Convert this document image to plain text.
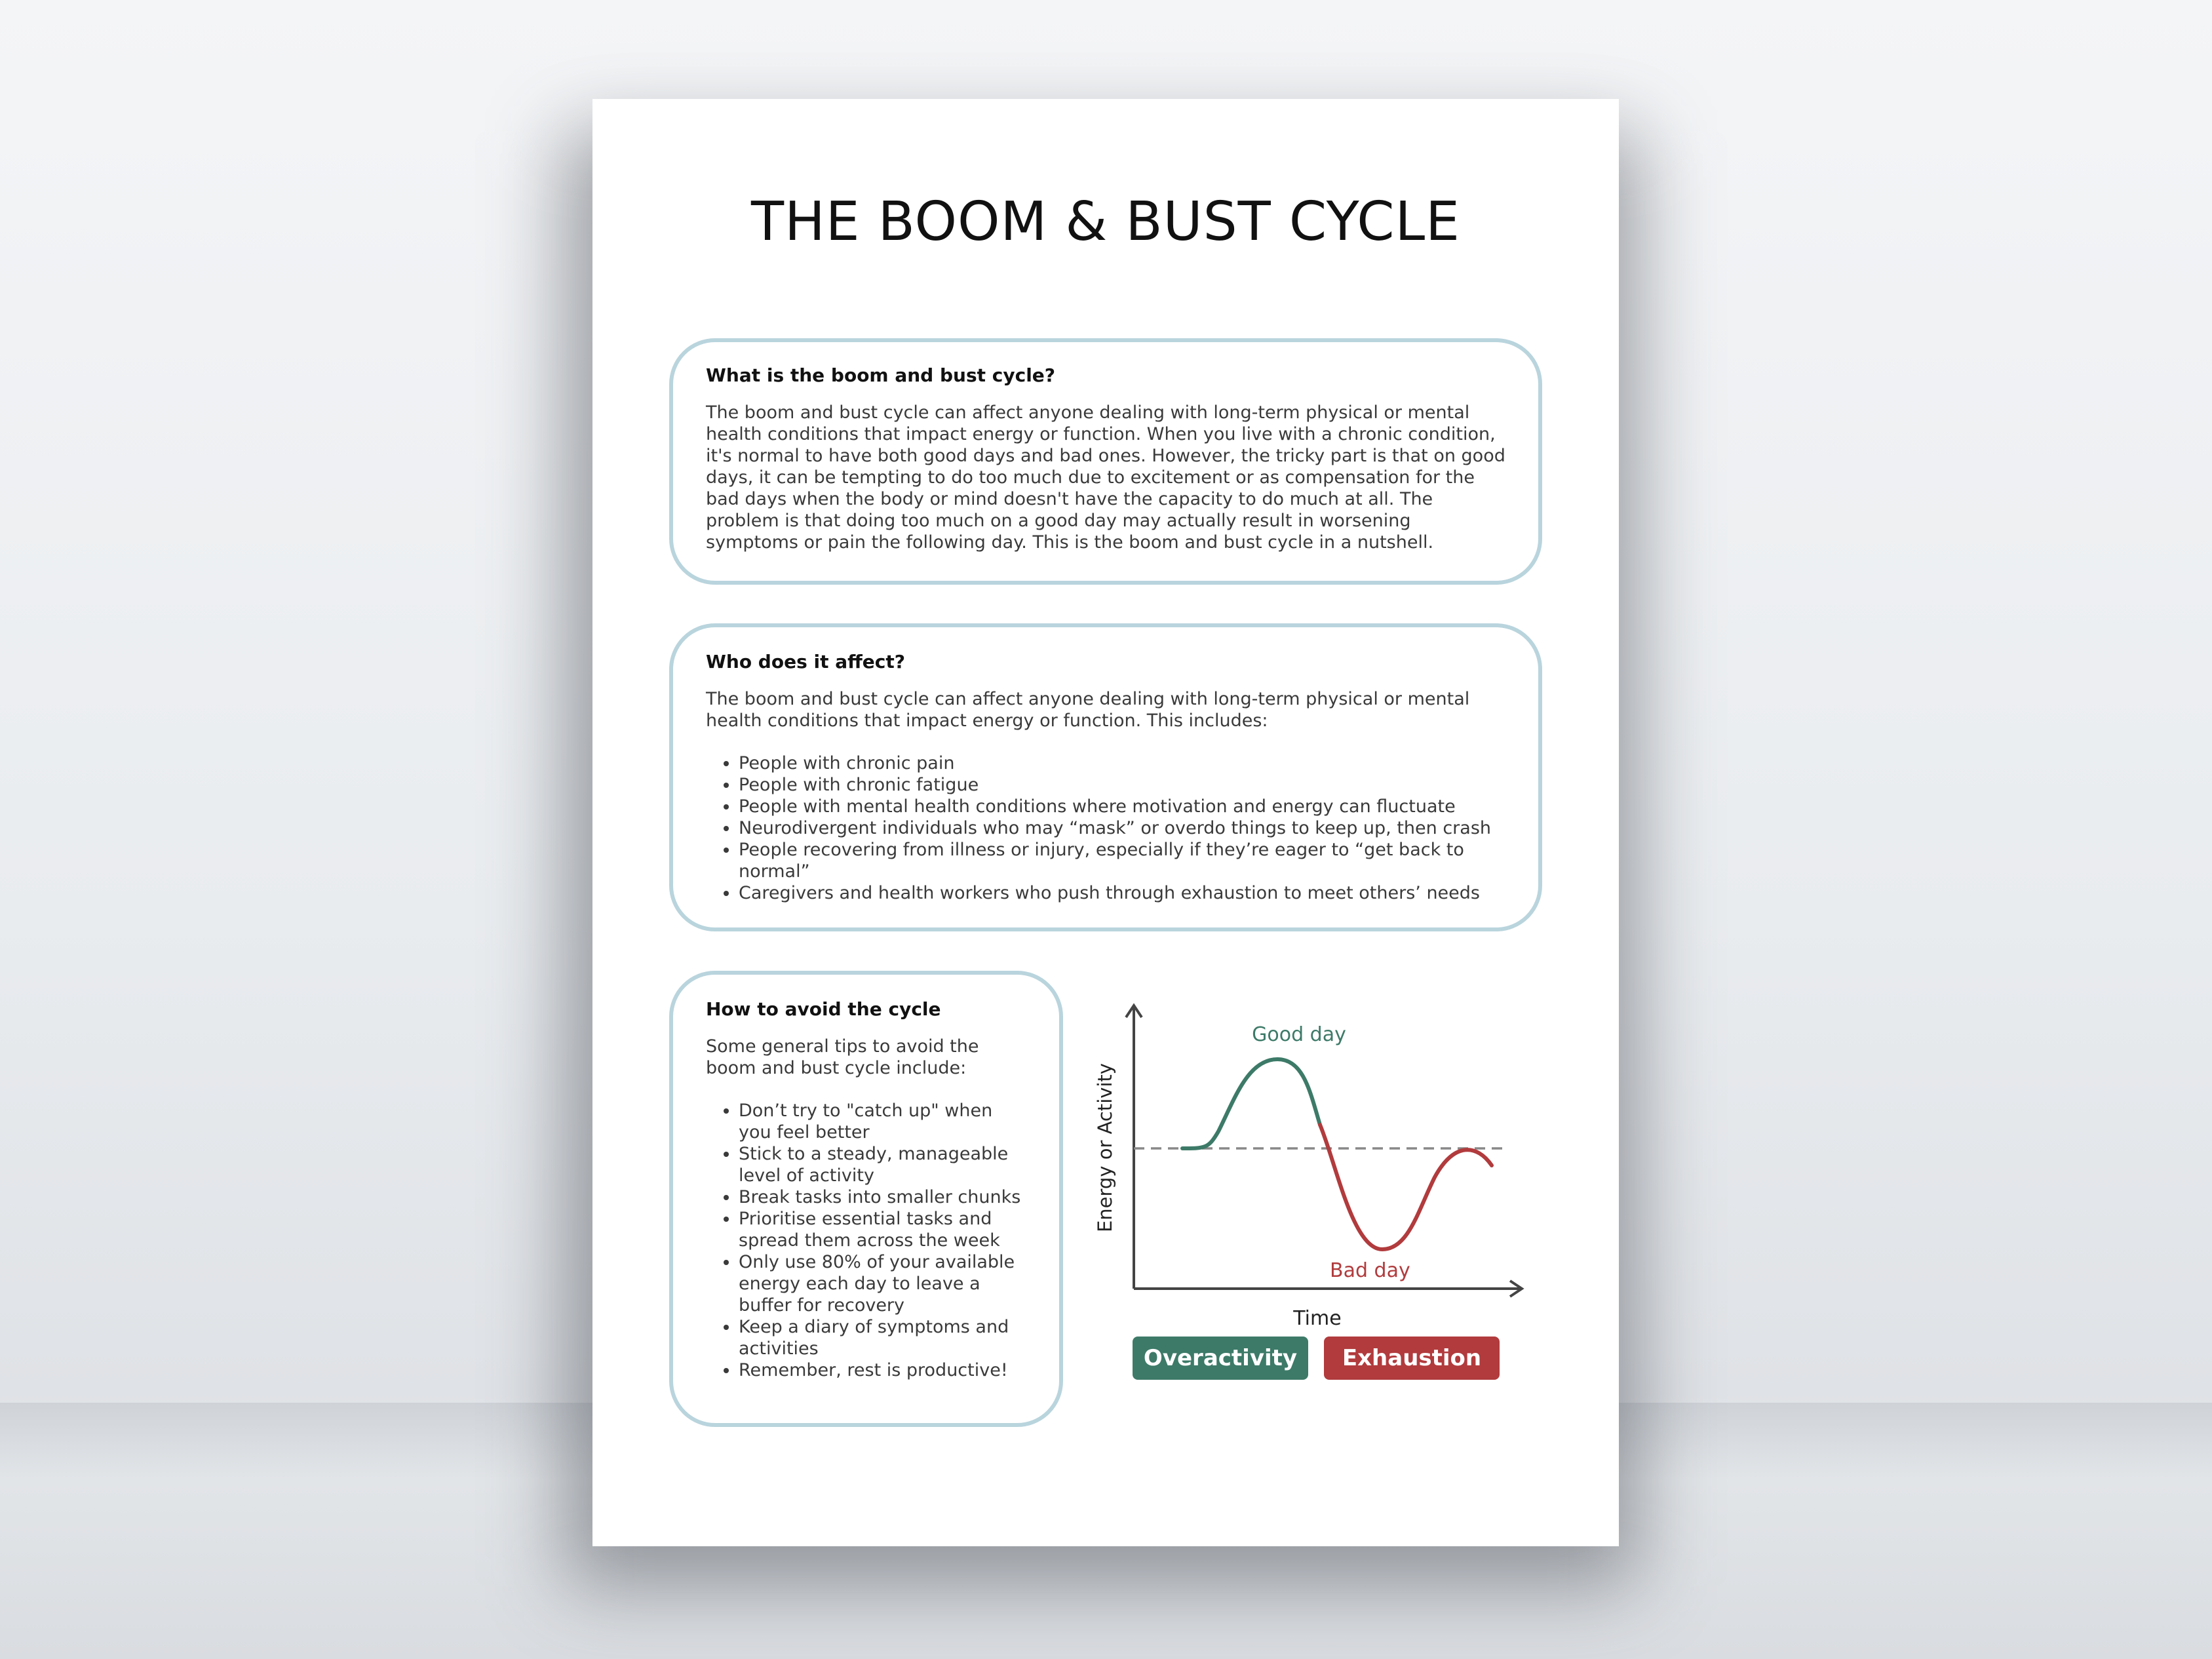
THE BOOM & BUST CYCLE
What is the boom and bust cycle?

The boom and bust cycle can affect anyone dealing with long-term physical or mental health conditions that impact energy or function. When you live with a chronic condition, it's normal to have both good days and bad ones. However, the tricky part is that on good days, it can be tempting to do too much due to excitement or as compensation for the bad days when the body or mind doesn't have the capacity to do much at all. The problem is that doing too much on a good day may actually result in worsening symptoms or pain the following day. This is the boom and bust cycle in a nutshell.

Who does it affect?

The boom and bust cycle can affect anyone dealing with long-term physical or mental health conditions that impact energy or function. This includes:

• People with chronic pain
• People with chronic fatigue
• People with mental health conditions where motivation and energy can fluctuate
• Neurodivergent individuals who may “mask” or overdo things to keep up, then crash
• People recovering from illness or injury, especially if they’re eager to “get back to normal”
• Caregivers and health workers who push through exhaustion to meet others’ needs
How to avoid the cycle

Some general tips to avoid the boom and bust cycle include:

• Don’t try to "catch up" when you feel better
• Stick to a steady, manageable level of activity
• Break tasks into smaller chunks
• Prioritise essential tasks and spread them across the week
• Only use 80% of your available energy each day to leave a buffer for recovery
• Keep a diary of symptoms and activities
• Remember, rest is productive!
Good day
Bad day
Energy or Activity
Time
Overactivity	Exhaustion
